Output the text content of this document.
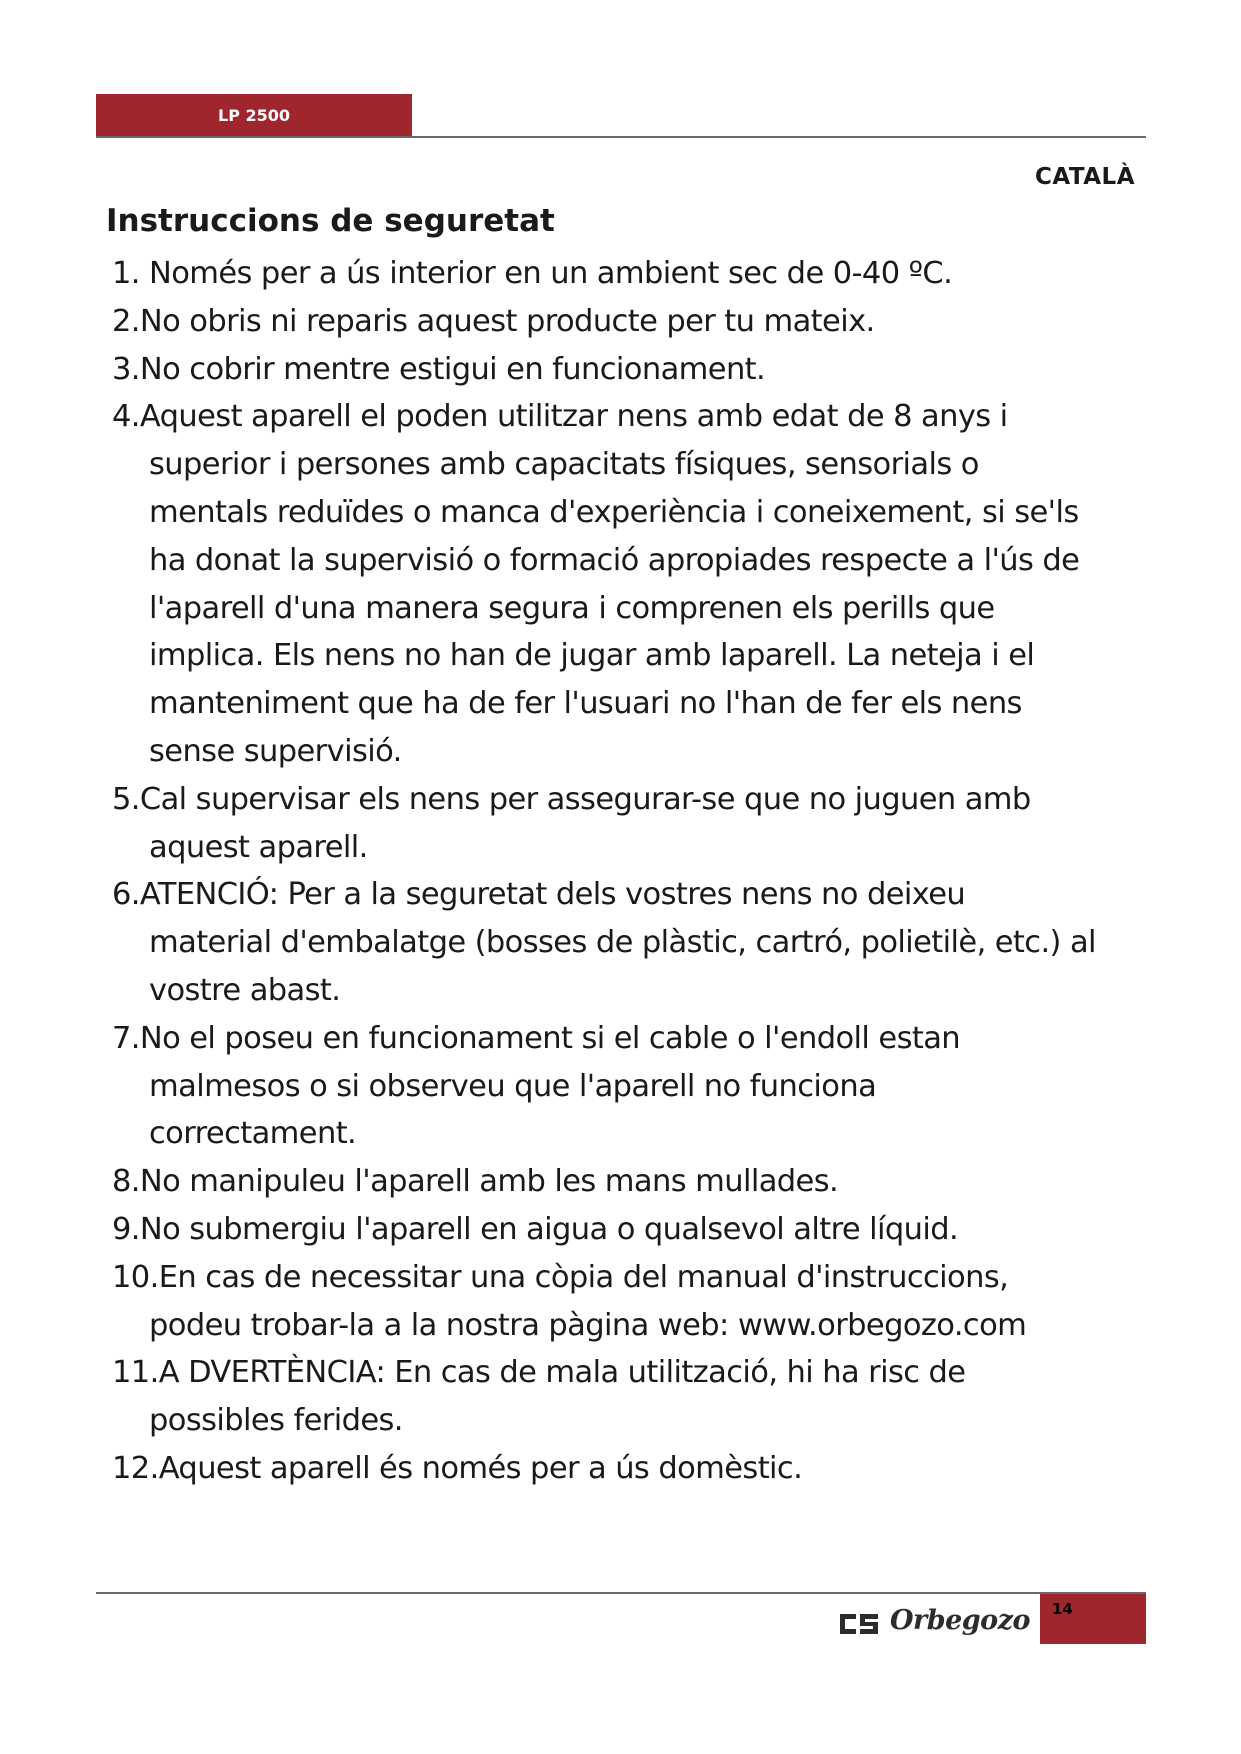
LP 2500
CATALÀ
Instruccions de seguretat
1. Només per a ús interior en un ambient sec de 0-40 ºC.
2.No obris ni reparis aquest producte per tu mateix.
3.No cobrir mentre estigui en funcionament.
4.Aquest aparell el poden utilitzar nens amb edat de 8 anys i
superior i persones amb capacitats físiques, sensorials o
mentals reduïdes o manca d'experiència i coneixement, si se'ls
ha donat la supervisió o formació apropiades respecte a l'ús de
l'aparell d'una manera segura i comprenen els perills que
implica. Els nens no han de jugar amb laparell. La neteja i el
manteniment que ha de fer l'usuari no l'han de fer els nens
sense supervisió.
5.Cal supervisar els nens per assegurar-se que no juguen amb
aquest aparell.
6.ATENCIÓ: Per a la seguretat dels vostres nens no deixeu
material d'embalatge (bosses de plàstic, cartró, polietilè, etc.) al
vostre abast.
7.No el poseu en funcionament si el cable o l'endoll estan
malmesos o si observeu que l'aparell no funciona
correctament.
8.No manipuleu l'aparell amb les mans mullades.
9.No submergiu l'aparell en aigua o qualsevol altre líquid.
10.En cas de necessitar una còpia del manual d'instruccions,
podeu trobar-la a la nostra pàgina web: www.orbegozo.com
11.A DVERTÈNCIA: En cas de mala utilització, hi ha risc de
possibles ferides.
12.Aquest aparell és només per a ús domèstic.
Orbegozo 14
